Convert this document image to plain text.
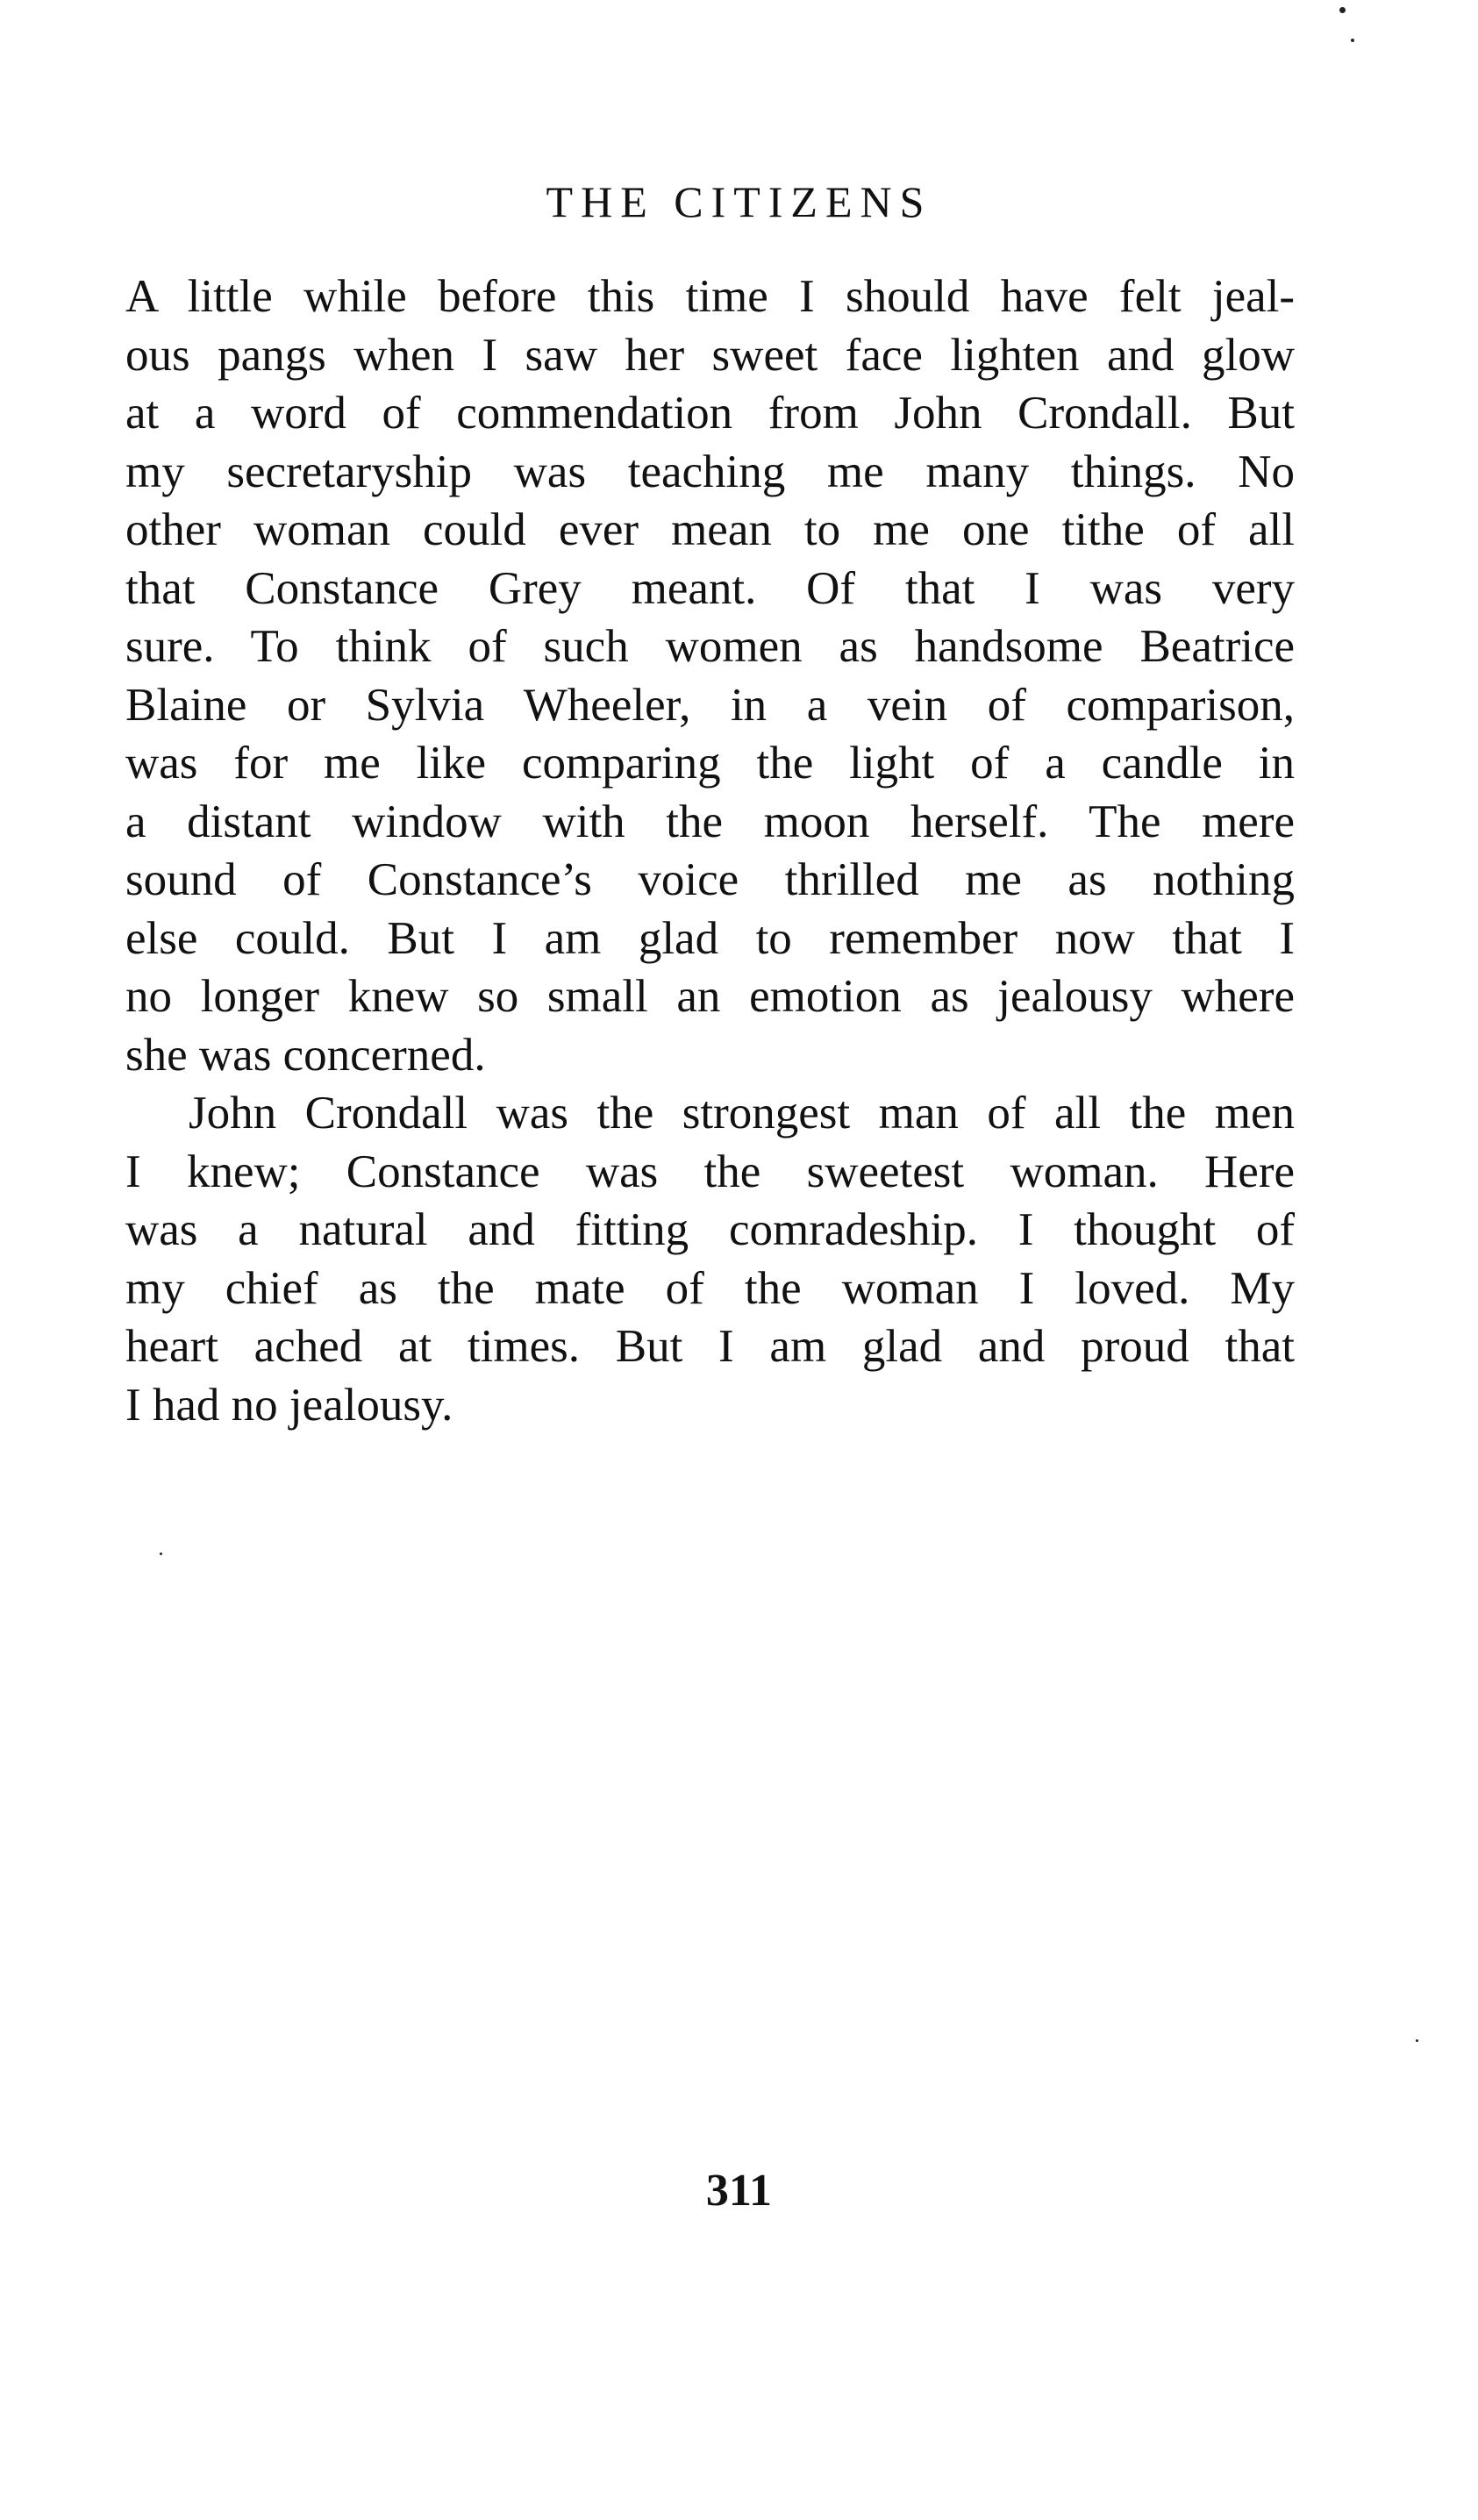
THE CITIZENS

A little while before this time I should have felt jeal-
ous pangs when I saw her sweet face lighten and glow
at a word of commendation from John Crondall. But
my secretaryship was teaching me many things. No
other woman could ever mean to me one tithe of all
that Constance Grey meant. Of that I was very
sure. To think of such women as handsome Beatrice
Blaine or Sylvia Wheeler, in a vein of comparison,
was for me like comparing the light of a candle in
a distant window with the moon herself. The mere
sound of Constance’s voice thrilled me as nothing
else could. But I am glad to remember now that I
no longer knew so small an emotion as jealousy where
she was concerned.

John Crondall was the strongest man of all the men
I knew; Constance was the sweetest woman. Here
was a natural and fitting comradeship. I thought of
my chief as the mate of the woman I loved. My
heart ached at times. But I am glad and proud that
I had no jealousy.

311
